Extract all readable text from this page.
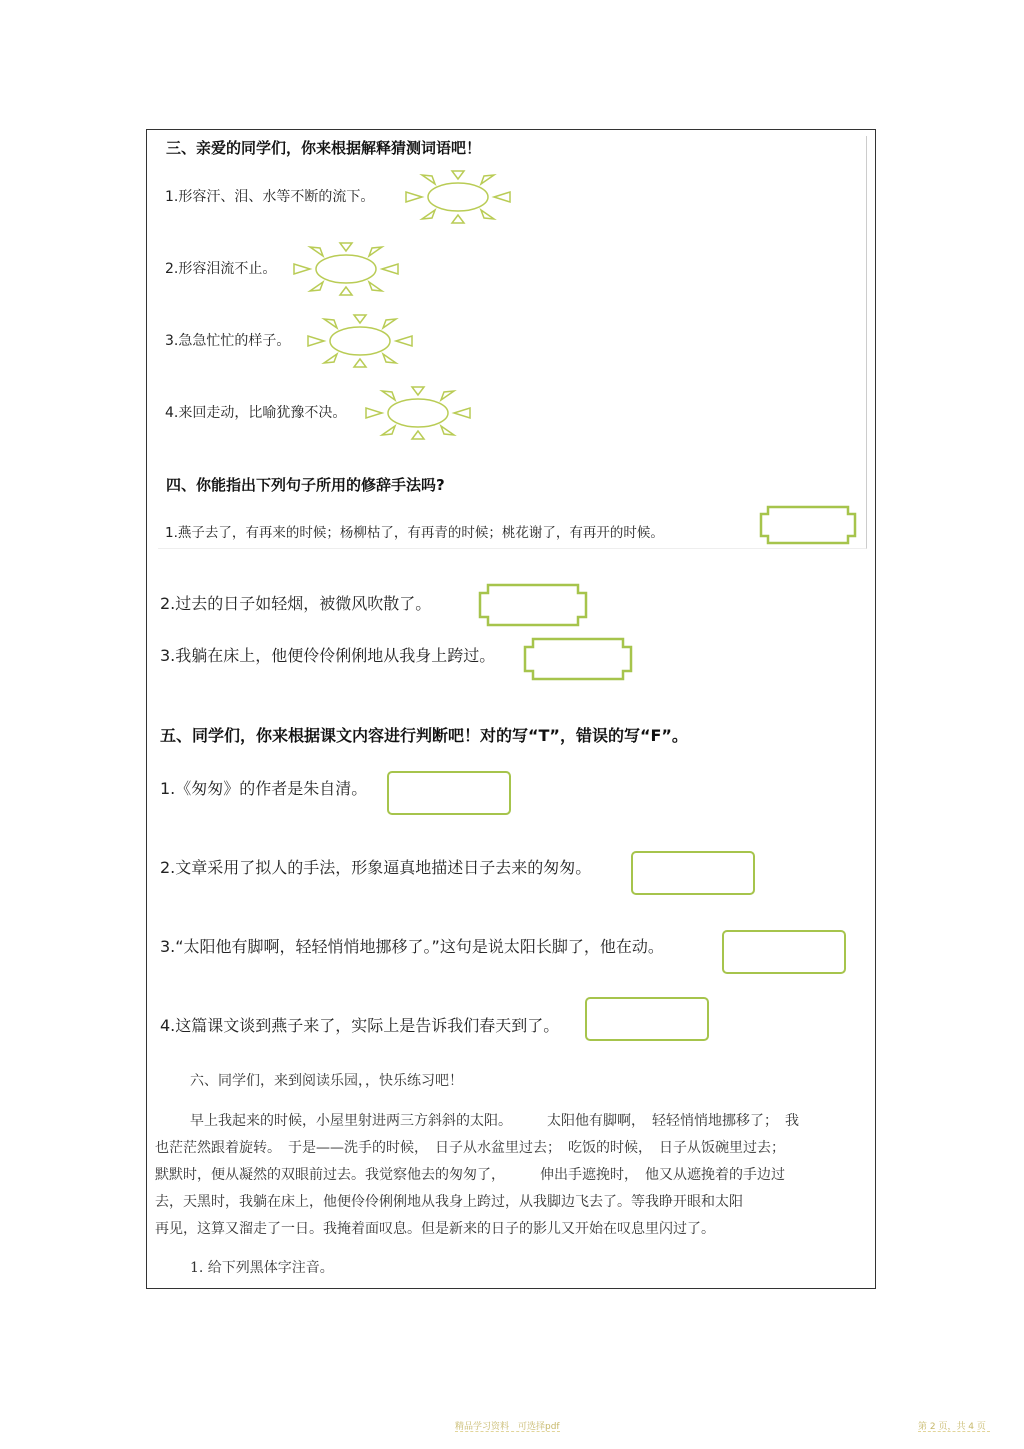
三、亲爱的同学们，你来根据解释猜测词语吧！
1.形容汗、泪、水等不断的流下。
2.形容泪流不止。
3.急急忙忙的样子。
4.来回走动，比喻犹豫不决。
四、你能指出下列句子所用的修辞手法吗?
1.燕子去了，有再来的时候；杨柳枯了，有再青的时候；桃花谢了，有再开的时候。
2.过去的日子如轻烟，被微风吹散了。
3.我躺在床上，他便伶伶俐俐地从我身上跨过。
五、同学们，你来根据课文内容进行判断吧！对的写“T”，错误的写“F”。
1.《匆匆》的作者是朱自清。
2.文章采用了拟人的手法，形象逼真地描述日子去来的匆匆。
3.“太阳他有脚啊，轻轻悄悄地挪移了。”这句是说太阳长脚了，他在动。
4.这篇课文谈到燕子来了，实际上是告诉我们春天到了。
六、同学们，来到阅读乐园，，快乐练习吧！
早上我起来的时候，小屋里射进两三方斜斜的太阳。　　　太阳他有脚啊，　轻轻悄悄地挪移了；　我
也茫茫然跟着旋转。　于是——洗手的时候，　日子从水盆里过去；　吃饭的时候，　日子从饭碗里过去；
默默时，便从凝然的双眼前过去。我觉察他去的匆匆了，　　　伸出手遮挽时，　他又从遮挽着的手边过
去，天黑时，我躺在床上，他便伶伶俐俐地从我身上跨过，从我脚边飞去了。等我睁开眼和太阳
再见，这算又溜走了一日。我掩着面叹息。但是新来的日子的影儿又开始在叹息里闪过了。
1. 给下列黑体字注音。
精品学习资料　可选择pdf	第 2 页，共 4 页
